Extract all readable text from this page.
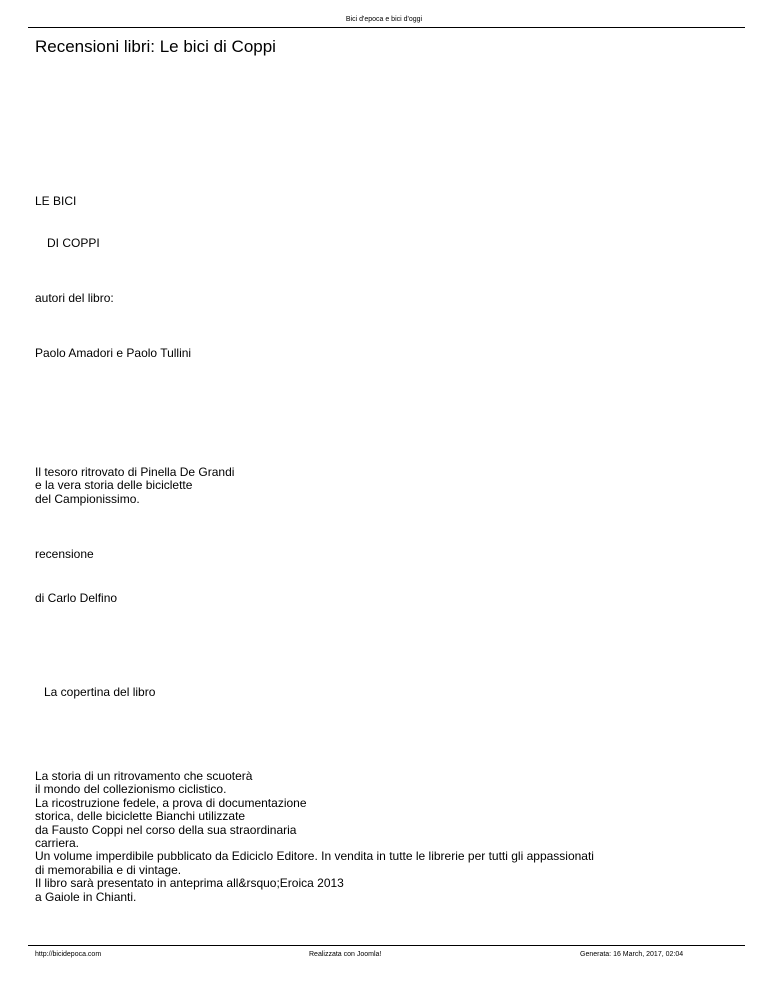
Bici d'epoca e bici d'oggi
Recensioni libri: Le bici di Coppi

LE BICI

DI COPPI

autori del libro:

Paolo Amadori e Paolo Tullini

Il tesoro ritrovato di Pinella De Grandi
e la vera storia delle biciclette
del Campionissimo.

recensione

di Carlo Delfino

La copertina del libro

La storia di un ritrovamento che scuoterà
il mondo del collezionismo ciclistico.
La ricostruzione fedele, a prova di documentazione
storica, delle biciclette Bianchi utilizzate
da Fausto Coppi nel corso della sua straordinaria
carriera.
Un volume imperdibile pubblicato da Ediciclo Editore. In vendita in tutte le librerie per tutti gli appassionati
di memorabilia e di vintage.
Il libro sarà presentato in anteprima all&rsquo;Eroica 2013
a Gaiole in Chianti.
http://bicidepoca.com	Realizzata con Joomla!	Generata: 16 March, 2017, 02:04
